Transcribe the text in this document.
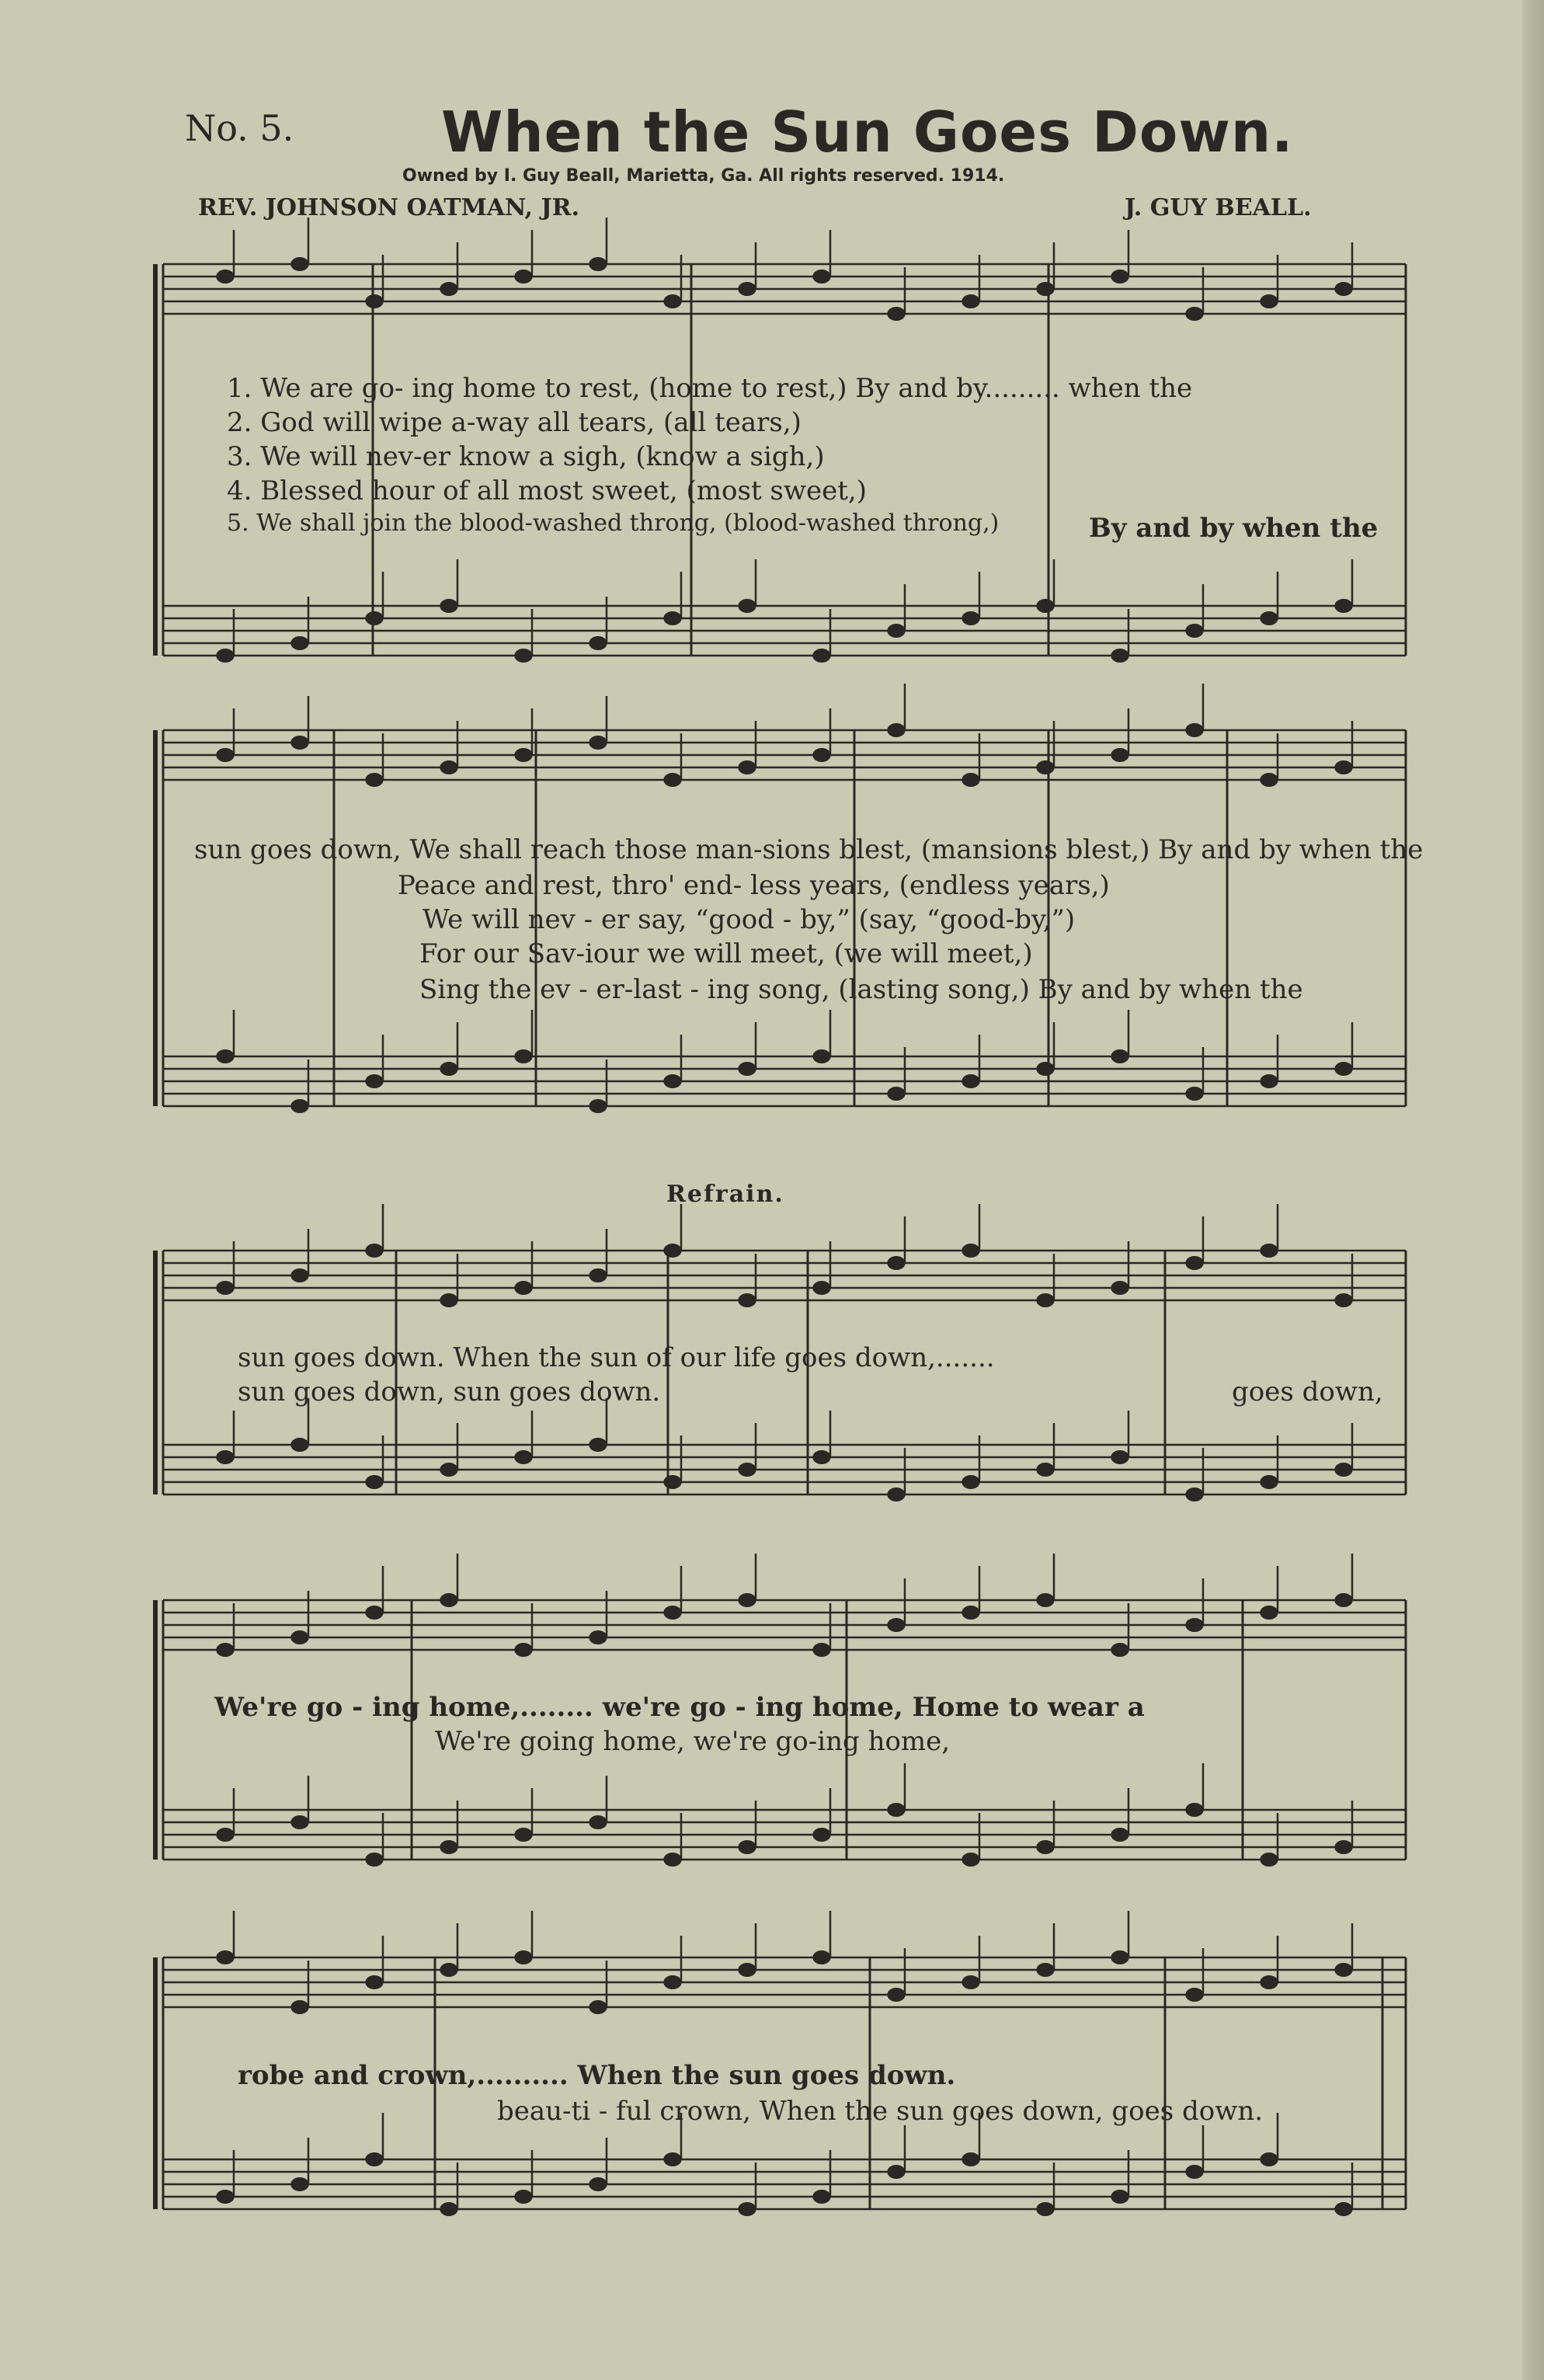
No. 5.	When the Sun Goes Down.
Owned by I. Guy Beall, Marietta, Ga. All rights reserved. 1914.
REV. JOHNSON OATMAN, JR.	J. GUY BEALL.
1. We are go- ing home to rest, (home to rest,) By and by......... when the
2. God will wipe a-way all tears, (all tears,)
3. We will nev-er know a sigh, (know a sigh,)
4. Blessed hour of all most sweet, (most sweet,)
5. We shall join the blood-washed throng, (blood-washed throng,)	By and by when the
sun goes down, We shall reach those man-sions blest, (mansions blest,) By and by when the
Peace and rest, thro' end- less years, (endless years,)
We will nev - er say, “good - by,” (say, “good-by,”)
For our Sav-iour we will meet, (we will meet,)
Sing the ev - er-last - ing song, (lasting song,) By and by when the
Refrain.
sun goes down. When the sun of our life goes down,.......
sun goes down, sun goes down.	goes down,
We're go - ing home,........ we're go - ing home, Home to wear a
We're going home, we're go-ing home,
robe and crown,.......... When the sun goes down.
beau-ti - ful crown, When the sun goes down, goes down.
